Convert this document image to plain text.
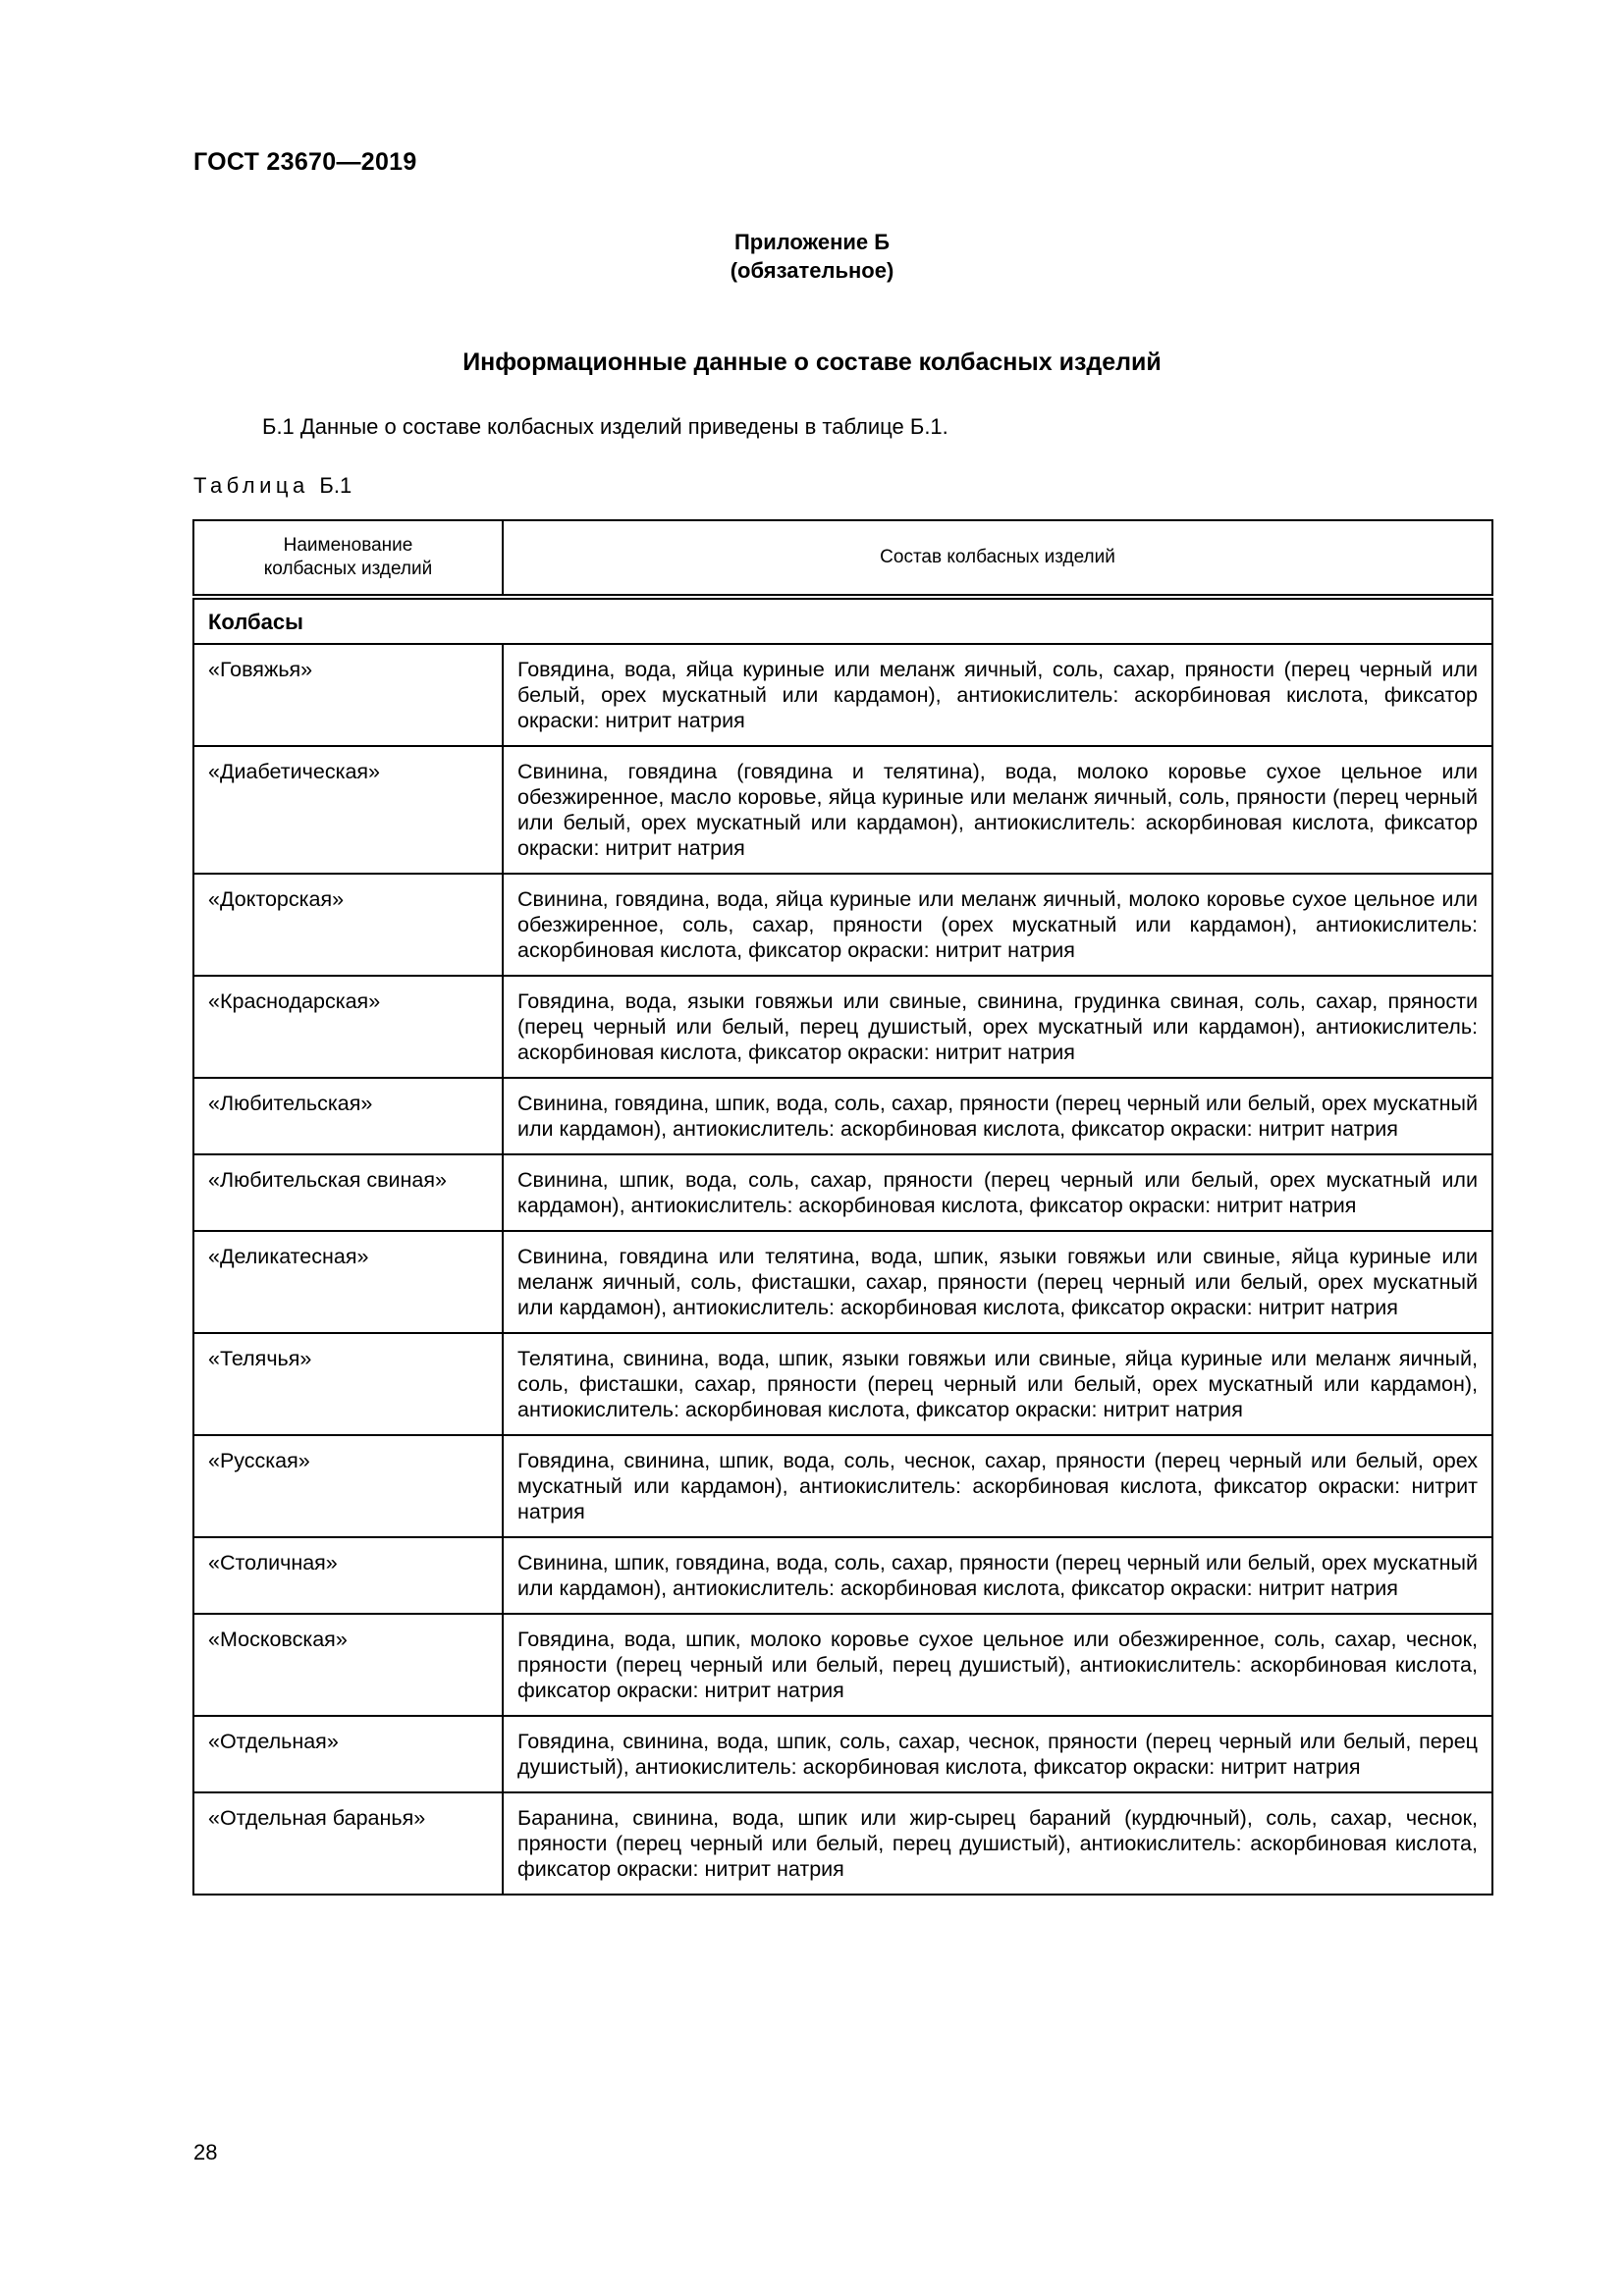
ГОСТ 23670—2019
Приложение Б
(обязательное)
Информационные данные о составе колбасных изделий
Б.1 Данные о составе колбасных изделий приведены в таблице Б.1.
Таблица Б.1
Наименование
колбасных изделий	Состав колбасных изделий
Колбасы	
«Говяжья»	Говядина, вода, яйца куриные или меланж яичный, соль, сахар, пряности (перец черный или белый, орех мускатный или кардамон), антиокислитель: аскорбиновая кислота, фиксатор окраски: нитрит натрия
«Диабетическая»	Свинина, говядина (говядина и телятина), вода, молоко коровье сухое цельное или обезжиренное, масло коровье, яйца куриные или меланж яичный, соль, пряности (перец черный или белый, орех мускатный или кардамон), антиокислитель: аскорбиновая кислота, фиксатор окраски: нитрит натрия
«Докторская»	Свинина, говядина, вода, яйца куриные или меланж яичный, молоко коровье сухое цельное или обезжиренное, соль, сахар, пряности (орех мускатный или кардамон), антиокислитель: аскорбиновая кислота, фиксатор окраски: нитрит натрия
«Краснодарская»	Говядина, вода, языки говяжьи или свиные, свинина, грудинка свиная, соль, сахар, пряности (перец черный или белый, перец душистый, орех мускатный или кардамон), антиокислитель: аскорбиновая кислота, фиксатор окраски: нитрит натрия
«Любительская»	Свинина, говядина, шпик, вода, соль, сахар, пряности (перец черный или белый, орех мускатный или кардамон), антиокислитель: аскорбиновая кислота, фиксатор окраски: нитрит натрия
«Любительская свиная»	Свинина, шпик, вода, соль, сахар, пряности (перец черный или белый, орех мускатный или кардамон), антиокислитель: аскорбиновая кислота, фиксатор окраски: нитрит натрия
«Деликатесная»	Свинина, говядина или телятина, вода, шпик, языки говяжьи или свиные, яйца куриные или меланж яичный, соль, фисташки, сахар, пряности (перец черный или белый, орех мускатный или кардамон), антиокислитель: аскорбиновая кислота, фиксатор окраски: нитрит натрия
«Телячья»	Телятина, свинина, вода, шпик, языки говяжьи или свиные, яйца куриные или меланж яичный, соль, фисташки, сахар, пряности (перец черный или белый, орех мускатный или кардамон), антиокислитель: аскорбиновая кислота, фиксатор окраски: нитрит натрия
«Русская»	Говядина, свинина, шпик, вода, соль, чеснок, сахар, пряности (перец черный или белый, орех мускатный или кардамон), антиокислитель: аскорбиновая кислота, фиксатор окраски: нитрит натрия
«Столичная»	Свинина, шпик, говядина, вода, соль, сахар, пряности (перец черный или белый, орех мускатный или кардамон), антиокислитель: аскорбиновая кислота, фиксатор окраски: нитрит натрия
«Московская»	Говядина, вода, шпик, молоко коровье сухое цельное или обезжиренное, соль, сахар, чеснок, пряности (перец черный или белый, перец душистый), антиокислитель: аскорбиновая кислота, фиксатор окраски: нитрит натрия
«Отдельная»	Говядина, свинина, вода, шпик, соль, сахар, чеснок, пряности (перец черный или белый, перец душистый), антиокислитель: аскорбиновая кислота, фиксатор окраски: нитрит натрия
«Отдельная баранья»	Баранина, свинина, вода, шпик или жир-сырец бараний (курдючный), соль, сахар, чеснок, пряности (перец черный или белый, перец душистый), антиокислитель: аскорбиновая кислота, фиксатор окраски: нитрит натрия
28
